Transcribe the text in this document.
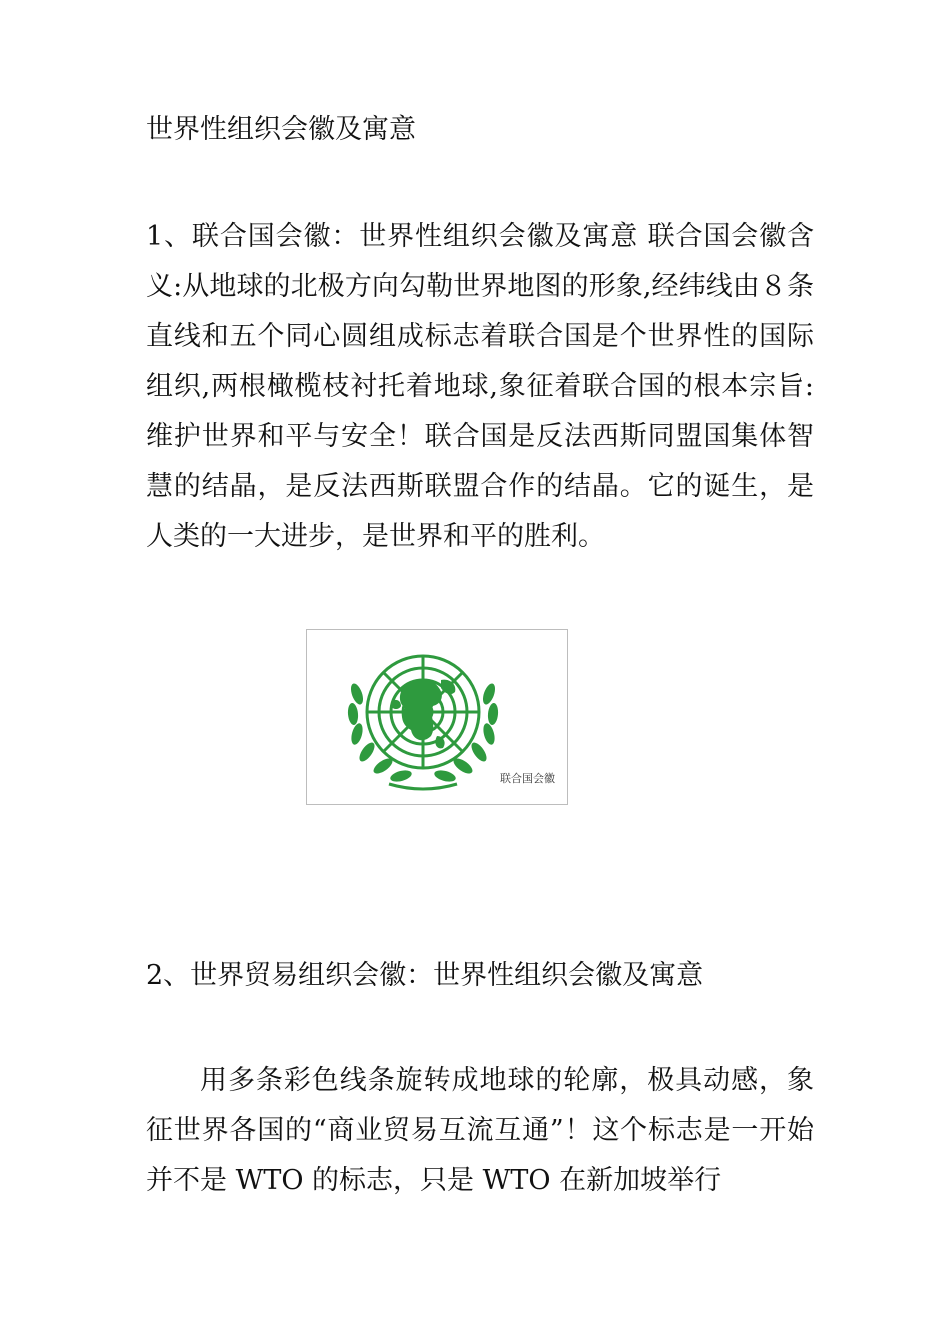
世界性组织会徽及寓意

1、联合国会徽：世界性组织会徽及寓意 联合国会徽含义:从地球的北极方向勾勒世界地图的形象,经纬线由８条直线和五个同心圆组成标志着联合国是个世界性的国际组织,两根橄榄枝衬托着地球,象征着联合国的根本宗旨:维护世界和平与安全！联合国是反法西斯同盟国集体智慧的结晶，是反法西斯联盟合作的结晶。它的诞生，是人类的一大进步，是世界和平的胜利。

联合国会徽

2、世界贸易组织会徽：世界性组织会徽及寓意

用多条彩色线条旋转成地球的轮廓，极具动感，象征世界各国的“商业贸易互流互通”！这个标志是一开始并不是 WTO 的标志，只是 WTO 在新加坡举行
